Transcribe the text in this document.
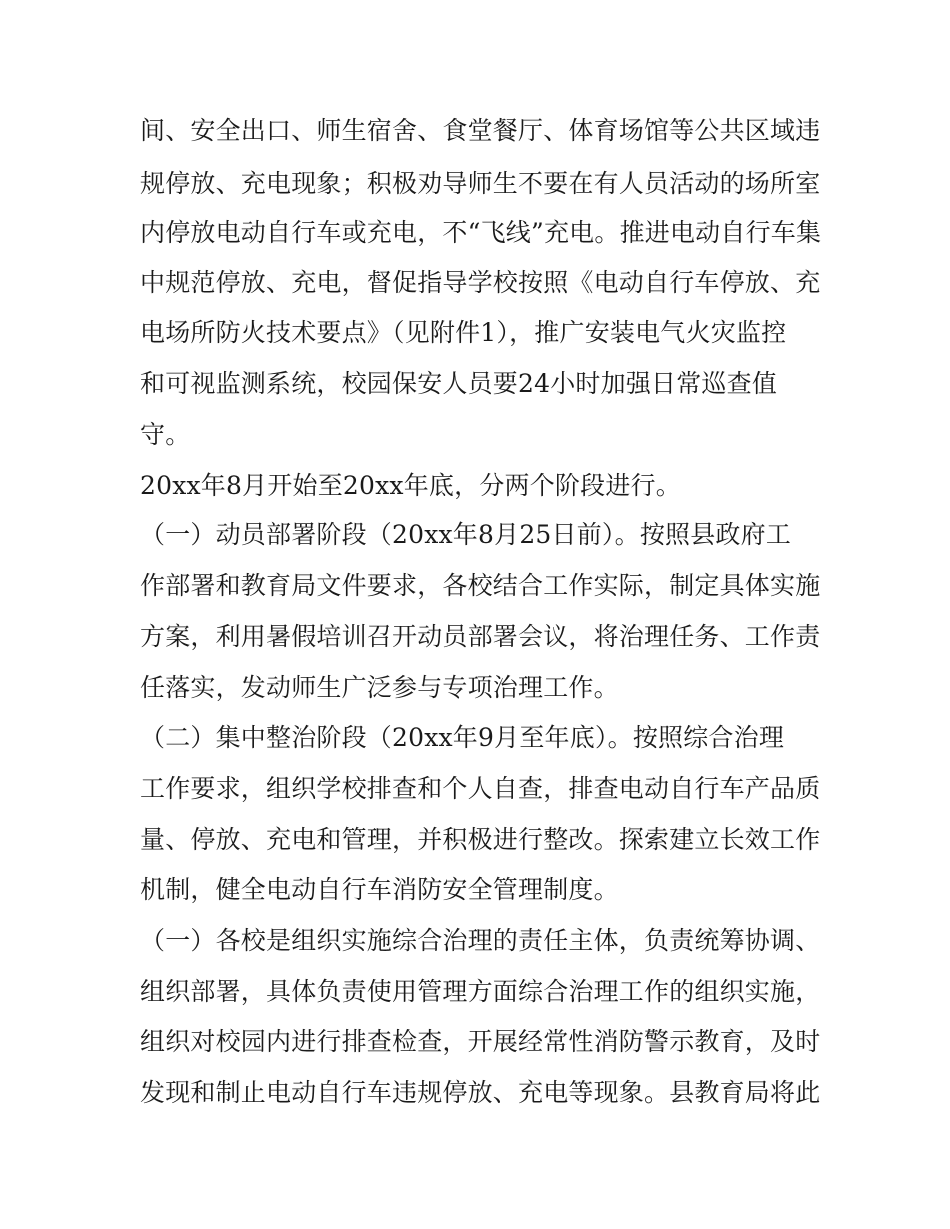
间、安全出口、师生宿舍、食堂餐厅、体育场馆等公共区域违
规停放、充电现象；积极劝导师生不要在有人员活动的场所室
内停放电动自行车或充电，不“飞线”充电。推进电动自行车集
中规范停放、充电，督促指导学校按照《电动自行车停放、充
电场所防火技术要点》（见附件1），推广安装电气火灾监控
和可视监测系统，校园保安人员要24小时加强日常巡查值
守。
20xx年8月开始至20xx年底，分两个阶段进行。
（一）动员部署阶段（20xx年8月25日前）。按照县政府工
作部署和教育局文件要求，各校结合工作实际，制定具体实施
方案，利用暑假培训召开动员部署会议，将治理任务、工作责
任落实，发动师生广泛参与专项治理工作。
（二）集中整治阶段（20xx年9月至年底）。按照综合治理
工作要求，组织学校排查和个人自查，排查电动自行车产品质
量、停放、充电和管理，并积极进行整改。探索建立长效工作
机制，健全电动自行车消防安全管理制度。
（一）各校是组织实施综合治理的责任主体，负责统筹协调、
组织部署，具体负责使用管理方面综合治理工作的组织实施，
组织对校园内进行排查检查，开展经常性消防警示教育，及时
发现和制止电动自行车违规停放、充电等现象。县教育局将此
